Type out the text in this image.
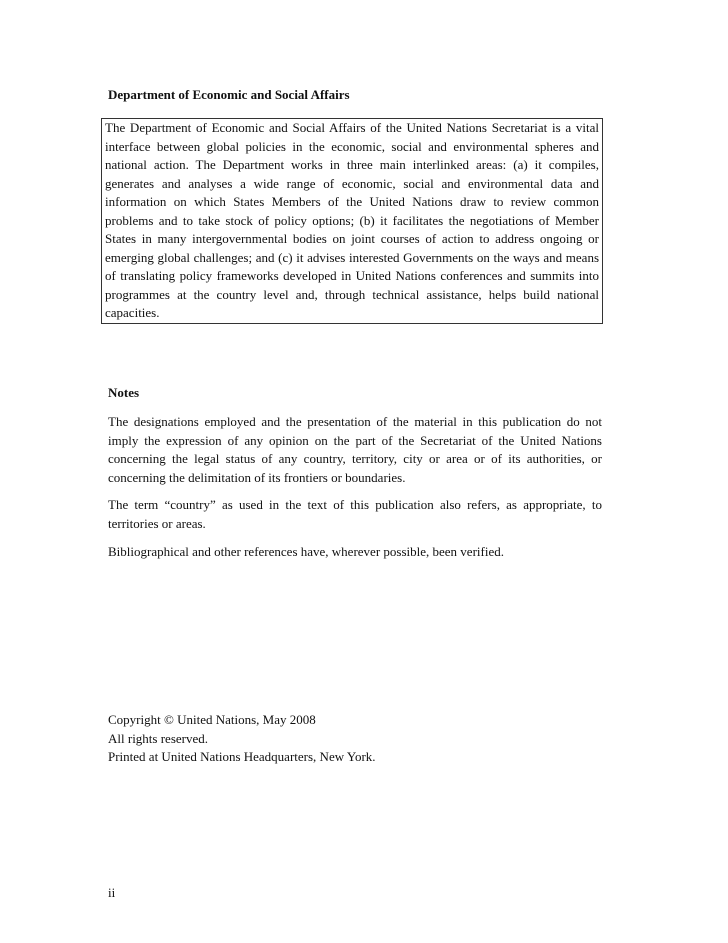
Department of Economic and Social Affairs
The Department of Economic and Social Affairs of the United Nations Secretariat is a vital interface between global policies in the economic, social and environmental spheres and national action. The Department works in three main interlinked areas: (a) it compiles, generates and analyses a wide range of economic, social and environmental data and information on which States Members of the United Nations draw to review common problems and to take stock of policy options; (b) it facilitates the negotiations of Member States in many intergovernmental bodies on joint courses of action to address ongoing or emerging global challenges; and (c) it advises interested Governments on the ways and means of translating policy frameworks developed in United Nations conferences and summits into programmes at the country level and, through technical assistance, helps build national capacities.
Notes

The designations employed and the presentation of the material in this publication do not imply the expression of any opinion on the part of the Secretariat of the United Nations concerning the legal status of any country, territory, city or area or of its authorities, or concerning the delimitation of its frontiers or boundaries.

The term “country” as used in the text of this publication also refers, as appropriate, to territories or areas.

Bibliographical and other references have, wherever possible, been verified.

Copyright © United Nations, May 2008
All rights reserved.
Printed at United Nations Headquarters, New York.
ii
